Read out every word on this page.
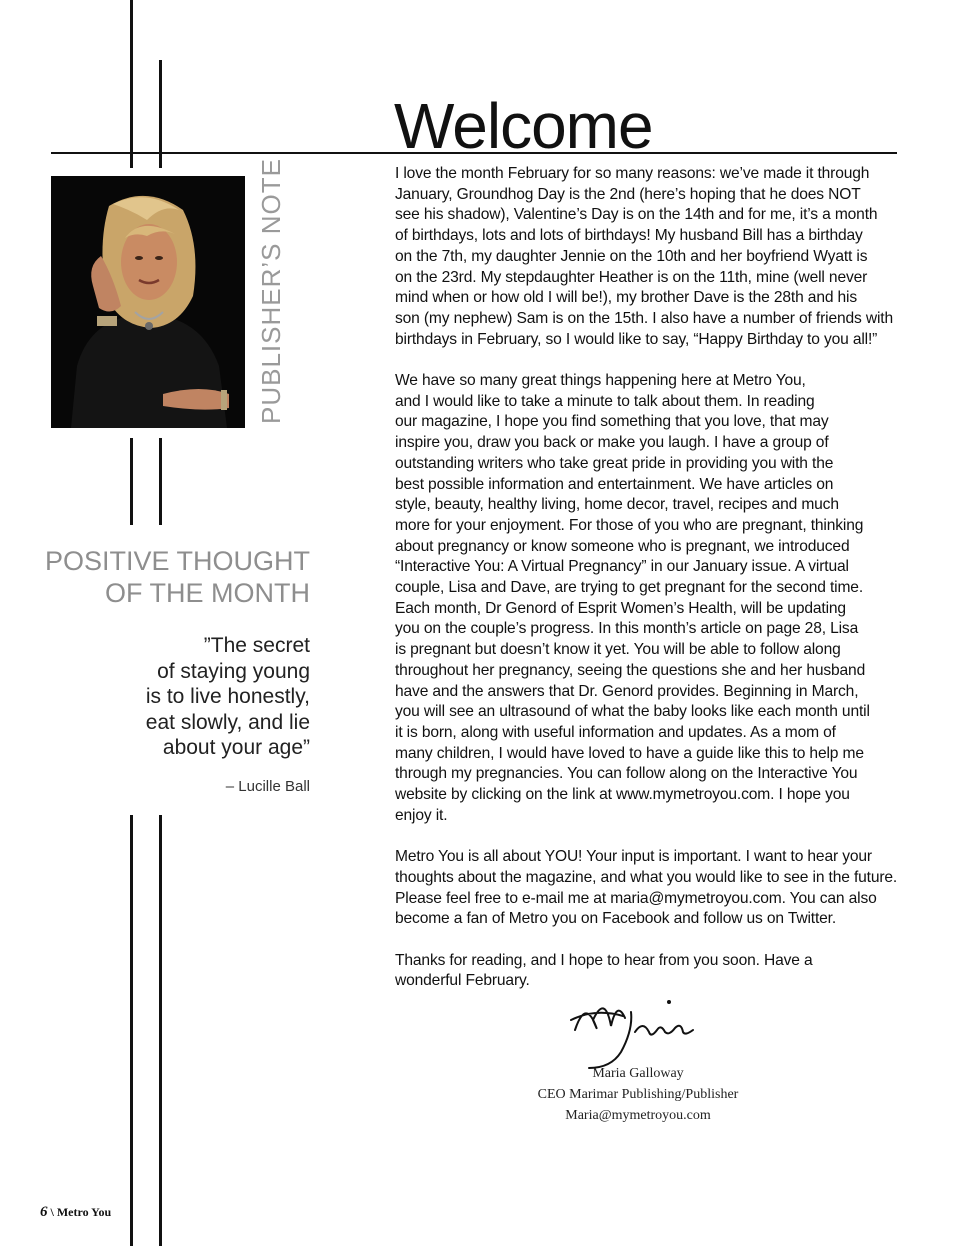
PUBLISHER’S NOTE
Welcome
POSITIVE THOUGHT
OF THE MONTH
”The secret
of staying young
is to live honestly,
eat slowly, and lie
about your age”
– Lucille Ball
I love the month February for so many reasons: we’ve made it through
January, Groundhog Day is the 2nd (here’s hoping that he does NOT
see his shadow), Valentine’s Day is on the 14th and for me, it’s a month
of birthdays, lots and lots of birthdays! My husband Bill has a birthday
on the 7th, my daughter Jennie on the 10th and her boyfriend Wyatt is
on the 23rd. My stepdaughter Heather is on the 11th, mine (well never
mind when or how old I will be!), my brother Dave is the 28th and his
son (my nephew) Sam is on the 15th. I also have a number of friends with
birthdays in February, so I would like to say, “Happy Birthday to you all!”
We have so many great things happening here at Metro You,
and I would like to take a minute to talk about them. In reading
our magazine, I hope you find something that you love, that may
inspire you, draw you back or make you laugh. I have a group of
outstanding writers who take great pride in providing you with the
best possible information and entertainment. We have articles on
style, beauty, healthy living, home decor, travel, recipes and much
more for your enjoyment. For those of you who are pregnant, thinking
about pregnancy or know someone who is pregnant, we introduced
“Interactive You: A Virtual Pregnancy” in our January issue. A virtual
couple, Lisa and Dave, are trying to get pregnant for the second time.
Each month, Dr Genord of Esprit Women’s Health, will be updating
you on the couple’s progress. In this month’s article on page 28, Lisa
is pregnant but doesn’t know it yet. You will be able to follow along
throughout her pregnancy, seeing the questions she and her husband
have and the answers that Dr. Genord provides. Beginning in March,
you will see an ultrasound of what the baby looks like each month until
it is born, along with useful information and updates. As a mom of
many children, I would have loved to have a guide like this to help me
through my pregnancies. You can follow along on the Interactive You
website by clicking on the link at www.mymetroyou.com. I hope you
enjoy it.
Metro You is all about YOU! Your input is important. I want to hear your
thoughts about the magazine, and what you would like to see in the future.
Please feel free to e-mail me at maria@mymetroyou.com. You can also
become a fan of Metro you on Facebook and follow us on Twitter.
Thanks for reading, and I hope to hear from you soon. Have a
wonderful February.
Maria Galloway
CEO Marimar Publishing/Publisher
Maria@mymetroyou.com
6 \ Metro You
